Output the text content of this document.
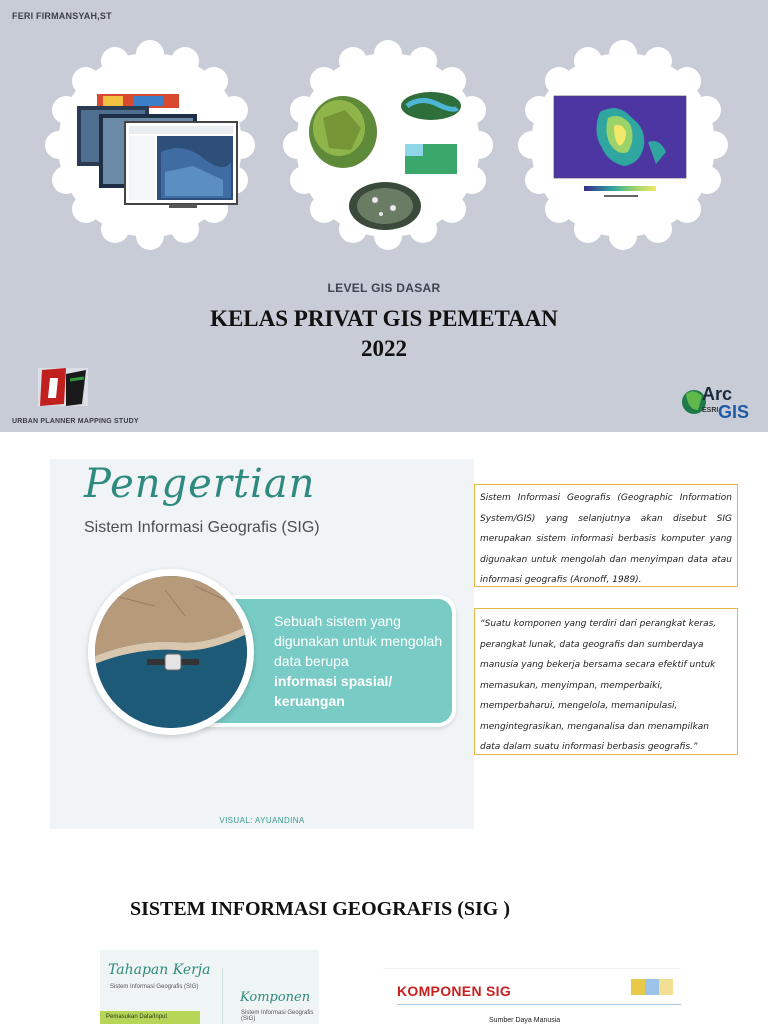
FERI FIRMANSYAH,ST
LEVEL GIS DASAR
KELAS PRIVAT GIS PEMETAAN
2022
URBAN PLANNER MAPPING STUDY
Arc
ESRI GIS
Pengertian
Sistem Informasi Geografis (SIG)
Sebuah sistem yang digunakan untuk mengolah data berupa
informasi spasial/ keruangan
VISUAL: AYUANDINA
Sistem Informasi Geografis (Geographic Information System/GIS) yang selanjutnya akan disebut SIG merupakan sistem informasi berbasis komputer yang digunakan untuk mengolah dan menyimpan data atau informasi geografis (Aronoff, 1989).
“Suatu komponen yang terdiri dari perangkat keras, perangkat lunak, data geografis dan sumberdaya manusia yang bekerja bersama secara efektif untuk memasukan, menyimpan, memperbaiki, memperbaharui, mengelola, memanipulasi, mengintegrasikan, menganalisa dan menampilkan data dalam suatu informasi berbasis geografis.”
SISTEM INFORMASI GEOGRAFIS (SIG )
Tahapan Kerja
Sistem Informasi Geografis (SIG)
Komponen
Sistem Informasi Geografis (SIG)
Pemasukan Data/Input
KOMPONEN SIG
Sumber Daya Manusia
